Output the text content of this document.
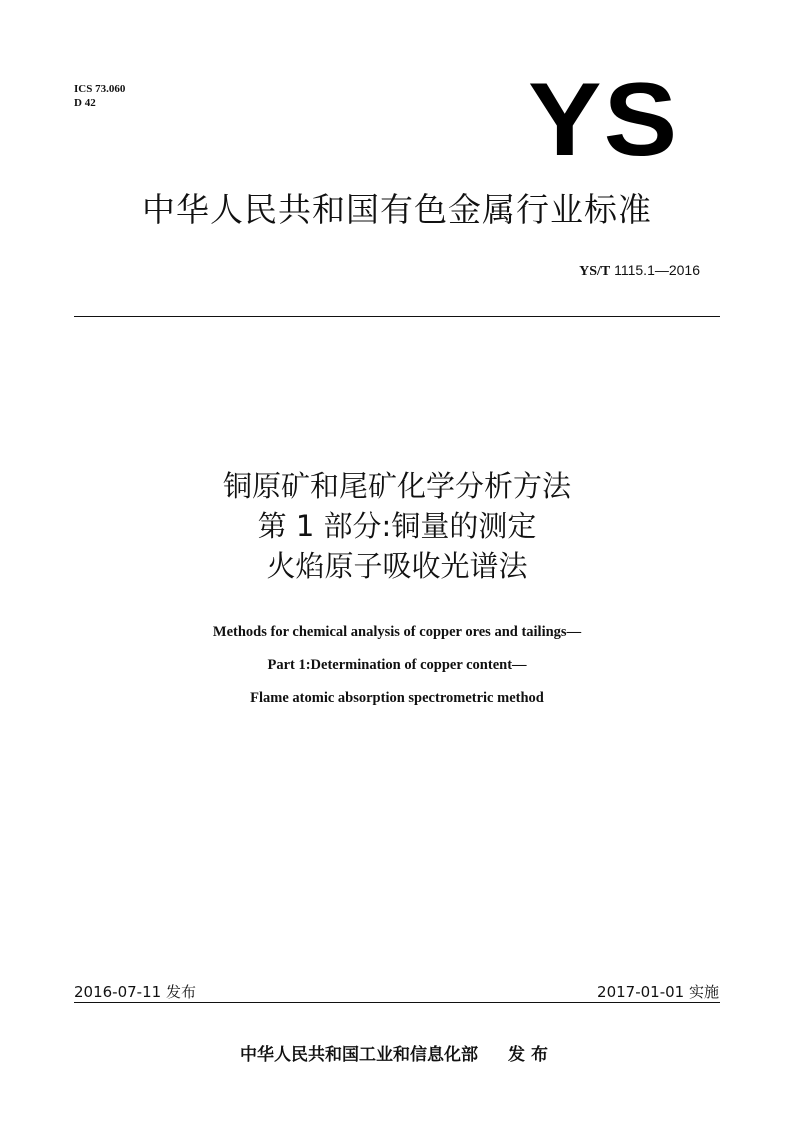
ICS 73.060
D 42	YS
中华人民共和国有色金属行业标准
YS/T 1115.1—2016
铜原矿和尾矿化学分析方法
第 1 部分:铜量的测定
火焰原子吸收光谱法
Methods for chemical analysis of copper ores and tailings—
Part 1:Determination of copper content—
Flame atomic absorption spectrometric method
2016-07-11 发布	2017-01-01 实施
中华人民共和国工业和信息化部 发布
